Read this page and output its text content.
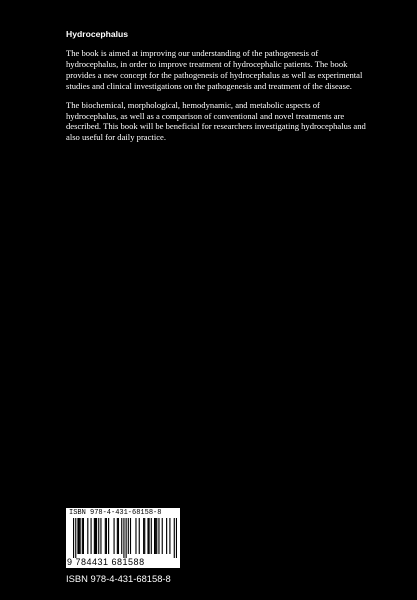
Hydrocephalus

The book is aimed at improving our understanding of the pathogenesis of hydrocephalus, in order to improve treatment of hydrocephalic patients. The book provides a new concept for the pathogenesis of hydrocephalus as well as experimental studies and clinical investigations on the pathogenesis and treatment of the disease.

The biochemical, morphological, hemodynamic, and metabolic aspects of hydrocephalus, as well as a comparison of conventional and novel treatments are described. This book will be beneficial for researchers investigating hydrocephalus and also useful for daily practice.

ISBN 978-4-431-68158-8
9 784431 681588
ISBN 978-4-431-68158-8
